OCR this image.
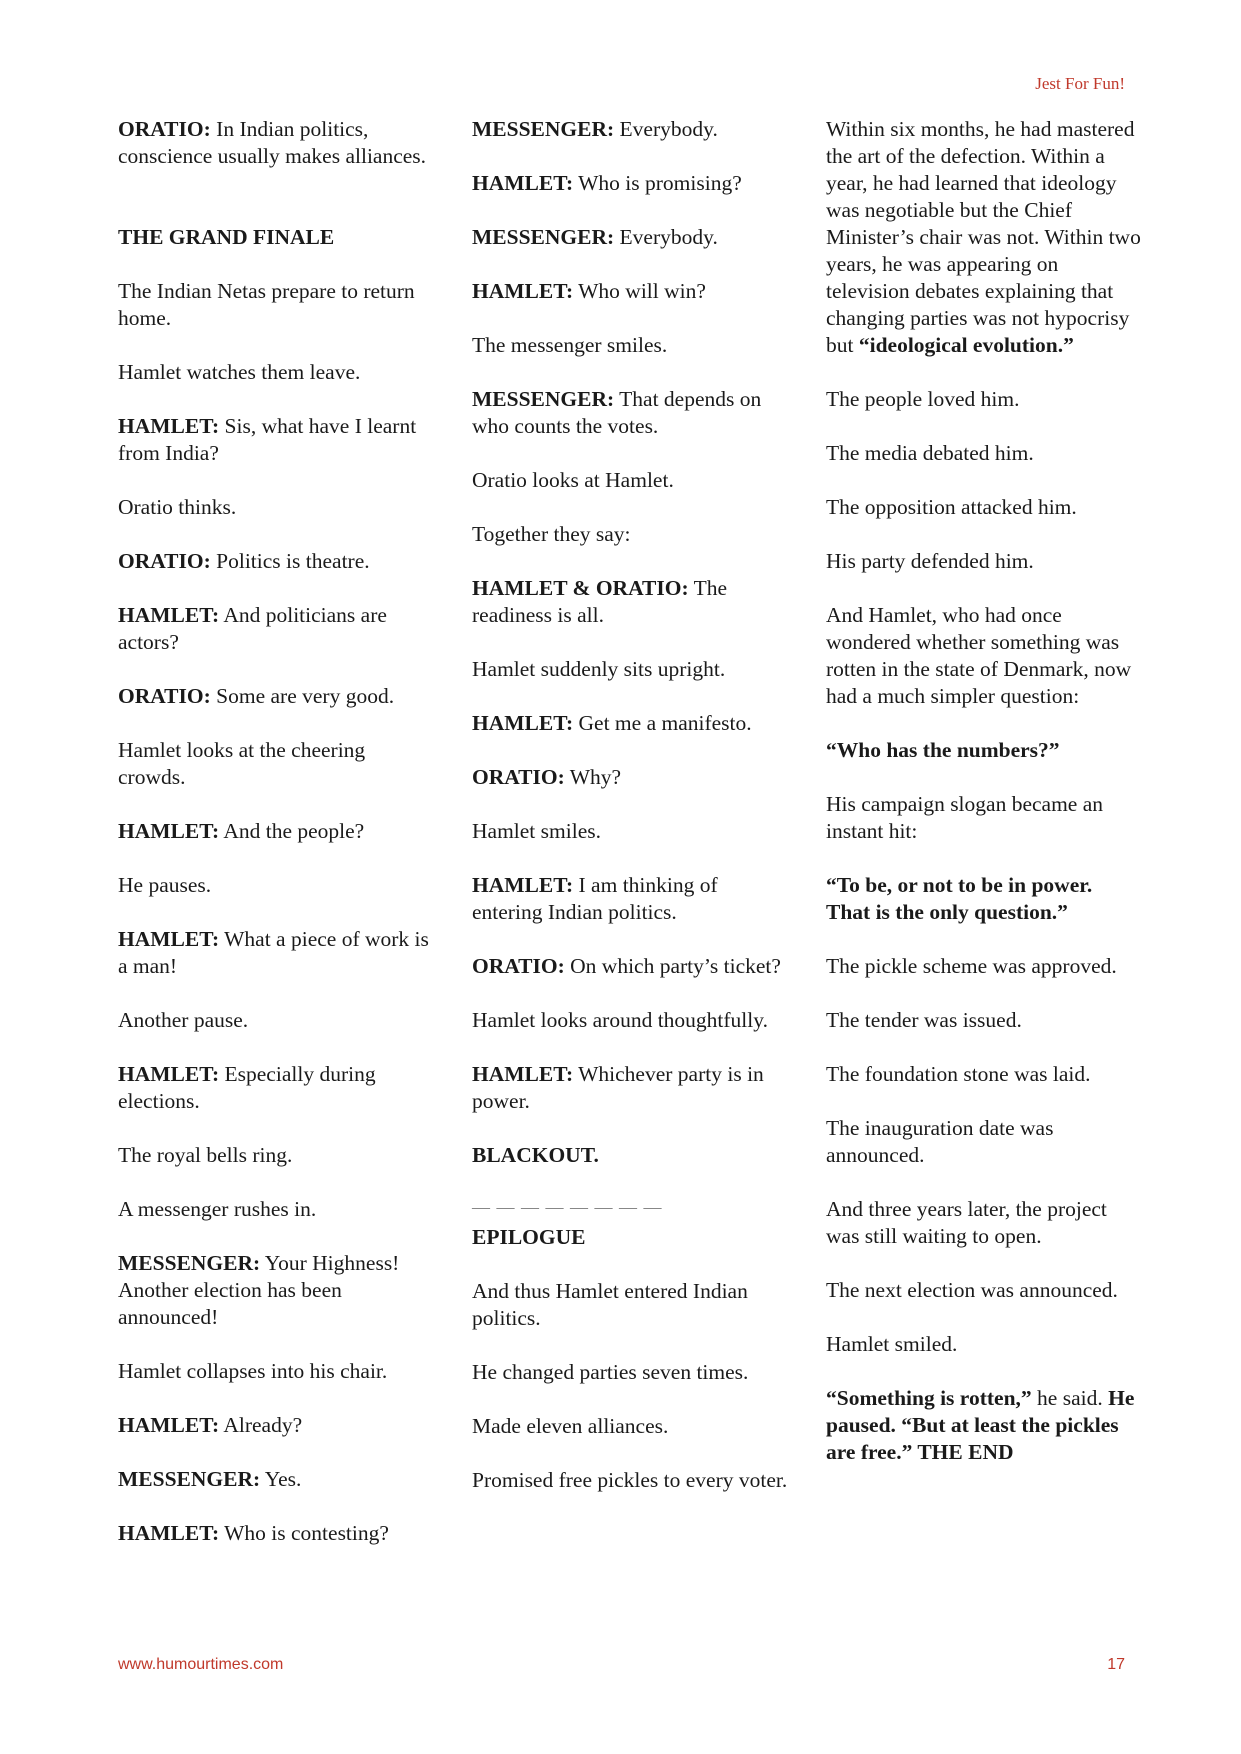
Jest For Fun!

ORATIO: In Indian politics, conscience usually makes alliances.

THE GRAND FINALE

The Indian Netas prepare to return home.

Hamlet watches them leave.

HAMLET: Sis, what have I learnt from India?

Oratio thinks.

ORATIO: Politics is theatre.

HAMLET: And politicians are actors?

ORATIO: Some are very good.

Hamlet looks at the cheering crowds.

HAMLET: And the people?

He pauses.

HAMLET: What a piece of work is a man!

Another pause.

HAMLET: Especially during elections.

The royal bells ring.

A messenger rushes in.

MESSENGER: Your Highness! Another election has been announced!

Hamlet collapses into his chair.

HAMLET: Already?

MESSENGER: Yes.

HAMLET: Who is contesting?

MESSENGER: Everybody.

HAMLET: Who is promising?

MESSENGER: Everybody.

HAMLET: Who will win?

The messenger smiles.

MESSENGER: That depends on who counts the votes.

Oratio looks at Hamlet.

Together they say:

HAMLET & ORATIO: The readiness is all.

Hamlet suddenly sits upright.

HAMLET: Get me a manifesto.

ORATIO: Why?

Hamlet smiles.

HAMLET: I am thinking of entering Indian politics.

ORATIO: On which party’s ticket?

Hamlet looks around thoughtfully.

HAMLET: Whichever party is in power.

BLACKOUT.

— — — — — — — —

EPILOGUE

And thus Hamlet entered Indian politics.

He changed parties seven times.

Made eleven alliances.

Promised free pickles to every voter.

Within six months, he had mastered the art of the defection. Within a year, he had learned that ideology was negotiable but the Chief Minister’s chair was not. Within two years, he was appearing on television debates explaining that changing parties was not hypocrisy but “ideological evolution.”

The people loved him.

The media debated him.

The opposition attacked him.

His party defended him.

And Hamlet, who had once wondered whether something was rotten in the state of Denmark, now had a much simpler question:

“Who has the numbers?”

His campaign slogan became an instant hit:

“To be, or not to be in power. That is the only question.”

The pickle scheme was approved.

The tender was issued.

The foundation stone was laid.

The inauguration date was announced.

And three years later, the project was still waiting to open.

The next election was announced.

Hamlet smiled.

“Something is rotten,” he said. He paused. “But at least the pickles are free.” THE END

www.humourtimes.com	17
